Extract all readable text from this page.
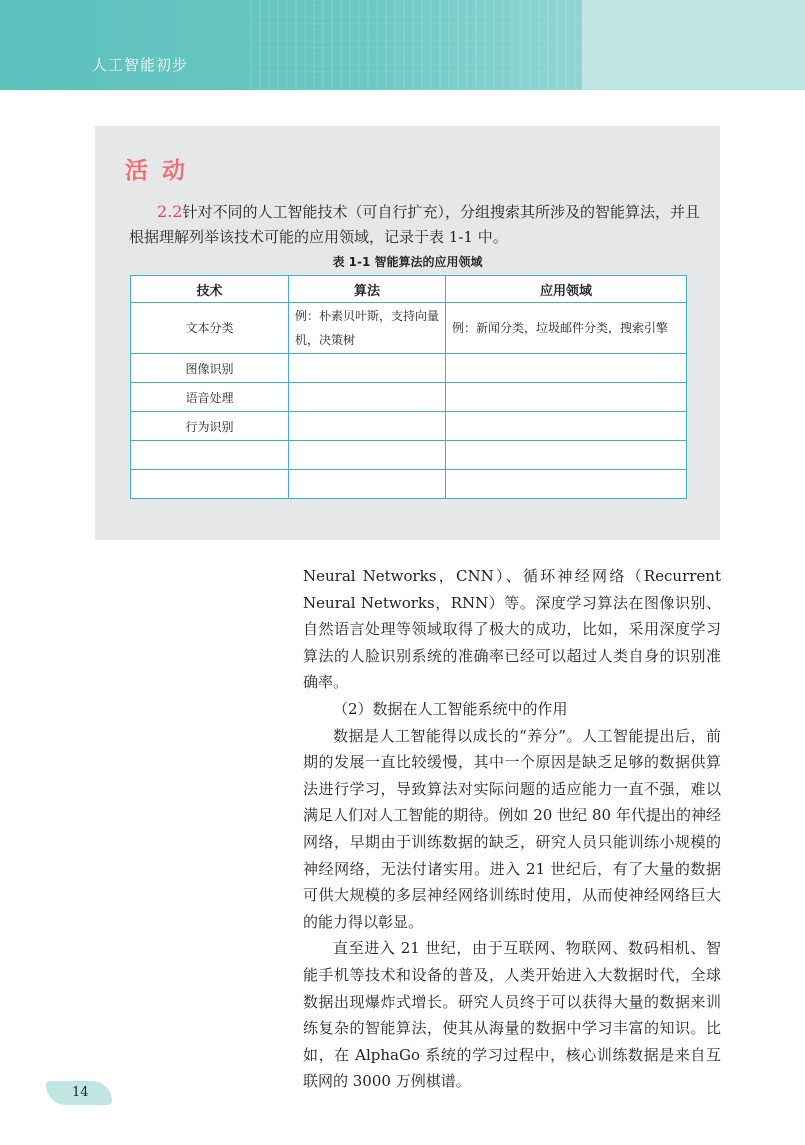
人工智能初步
活动
2.2针对不同的人工智能技术（可自行扩充），分组搜索其所涉及的智能算法，并且根据理解列举该技术可能的应用领域，记录于表 1-1 中。
表 1-1 智能算法的应用领域
技术	算法	应用领域
文本分类	例：朴素贝叶斯，支持向量机，决策树	例：新闻分类，垃圾邮件分类，搜索引擎
图像识别		
语音处理		
行为识别		

Neural Networks，CNN）、循环神经网络（Recurrent Neural Networks，RNN）等。深度学习算法在图像识别、自然语言处理等领域取得了极大的成功，比如，采用深度学习算法的人脸识别系统的准确率已经可以超过人类自身的识别准确率。

（2）数据在人工智能系统中的作用

数据是人工智能得以成长的“养分”。人工智能提出后，前期的发展一直比较缓慢，其中一个原因是缺乏足够的数据供算法进行学习，导致算法对实际问题的适应能力一直不强，难以满足人们对人工智能的期待。例如 20 世纪 80 年代提出的神经网络，早期由于训练数据的缺乏，研究人员只能训练小规模的神经网络，无法付诸实用。进入 21 世纪后，有了大量的数据可供大规模的多层神经网络训练时使用，从而使神经网络巨大的能力得以彰显。

直至进入 21 世纪，由于互联网、物联网、数码相机、智能手机等技术和设备的普及，人类开始进入大数据时代，全球数据出现爆炸式增长。研究人员终于可以获得大量的数据来训练复杂的智能算法，使其从海量的数据中学习丰富的知识。比如，在 AlphaGo 系统的学习过程中，核心训练数据是来自互联网的 3000 万例棋谱。

14
